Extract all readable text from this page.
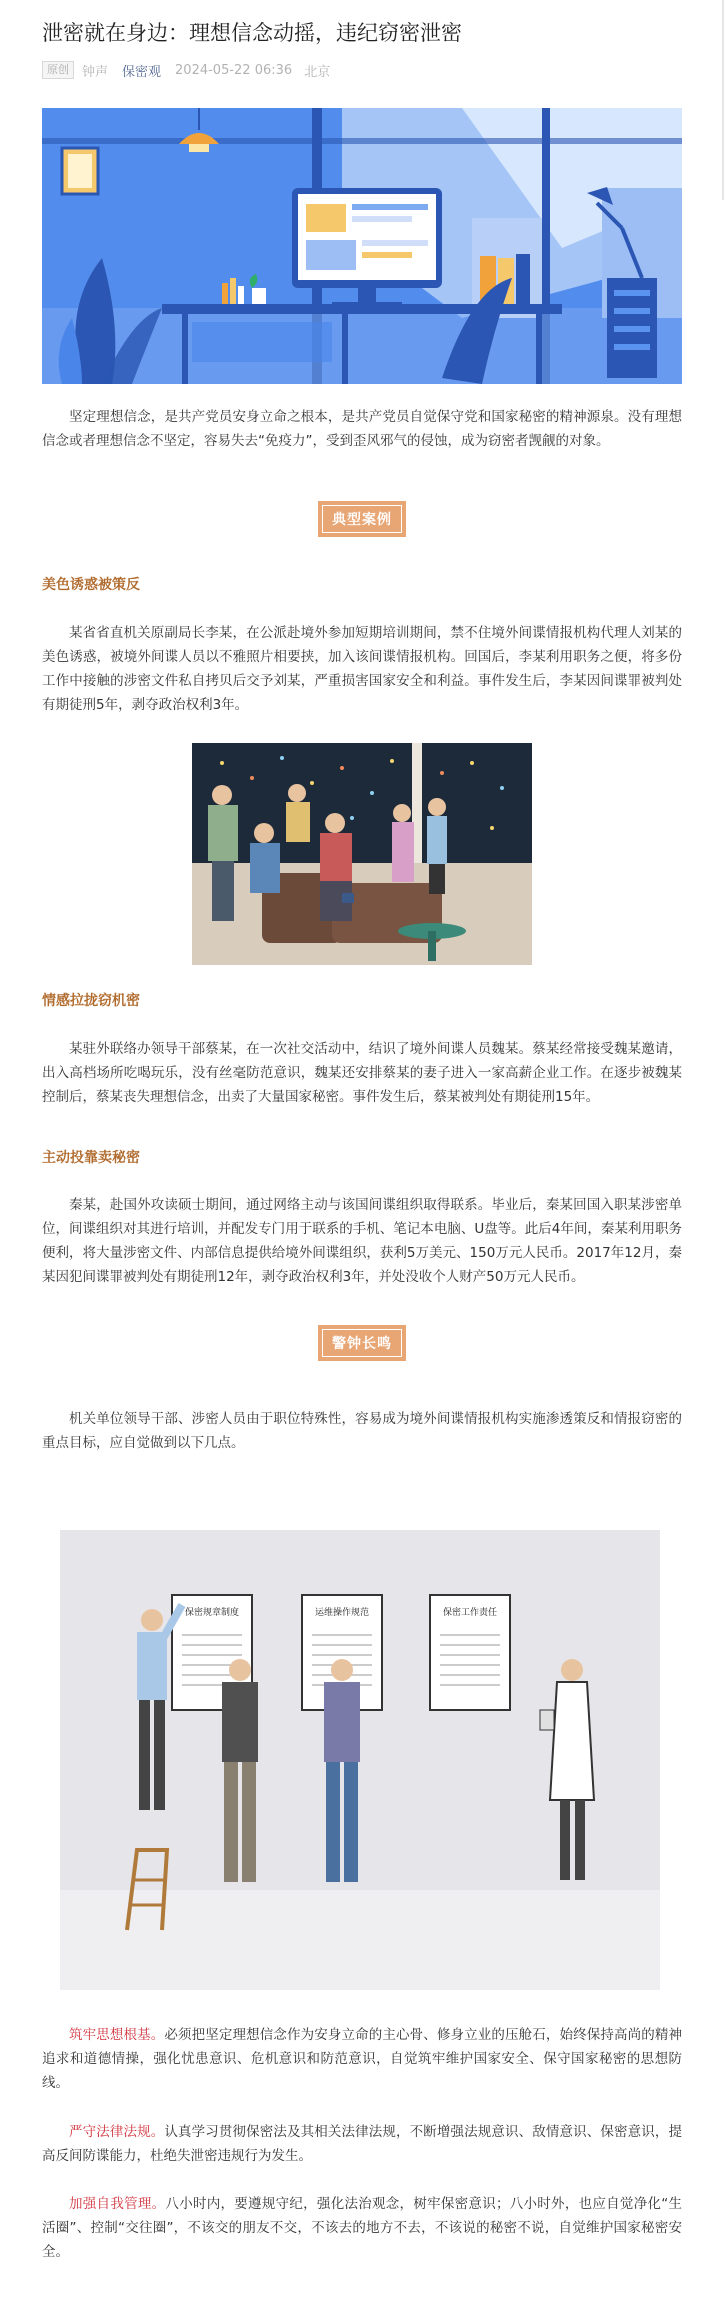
泄密就在身边：理想信念动摇，违纪窃密泄密
原创	钟声 保密观 2024-05-22 06:36 北京

坚定理想信念，是共产党员安身立命之根本，是共产党员自觉保守党和国家秘密的精神源泉。没有理想信念或者理想信念不坚定，容易失去“免疫力”，受到歪风邪气的侵蚀，成为窃密者觊觎的对象。

典型案例
美色诱惑被策反

某省省直机关原副局长李某，在公派赴境外参加短期培训期间，禁不住境外间谍情报机构代理人刘某的美色诱惑，被境外间谍人员以不雅照片相要挟，加入该间谍情报机构。回国后，李某利用职务之便，将多份工作中接触的涉密文件私自拷贝后交予刘某，严重损害国家安全和利益。事件发生后，李某因间谍罪被判处有期徒刑5年，剥夺政治权利3年。

情感拉拢窃机密

某驻外联络办领导干部蔡某，在一次社交活动中，结识了境外间谍人员魏某。蔡某经常接受魏某邀请，出入高档场所吃喝玩乐，没有丝毫防范意识，魏某还安排蔡某的妻子进入一家高薪企业工作。在逐步被魏某控制后，蔡某丧失理想信念，出卖了大量国家秘密。事件发生后，蔡某被判处有期徒刑15年。

主动投靠卖秘密

秦某，赴国外攻读硕士期间，通过网络主动与该国间谍组织取得联系。毕业后，秦某回国入职某涉密单位，间谍组织对其进行培训，并配发专门用于联系的手机、笔记本电脑、U盘等。此后4年间，秦某利用职务便利，将大量涉密文件、内部信息提供给境外间谍组织，获利5万美元、150万元人民币。2017年12月，秦某因犯间谍罪被判处有期徒刑12年，剥夺政治权利3年，并处没收个人财产50万元人民币。

警钟长鸣

机关单位领导干部、涉密人员由于职位特殊性，容易成为境外间谍情报机构实施渗透策反和情报窃密的重点目标，应自觉做到以下几点。

保密规章制度	运维操作规范	保密工作责任

筑牢思想根基。必须把坚定理想信念作为安身立命的主心骨、修身立业的压舱石，始终保持高尚的精神追求和道德情操，强化忧患意识、危机意识和防范意识，自觉筑牢维护国家安全、保守国家秘密的思想防线。

严守法律法规。认真学习贯彻保密法及其相关法律法规，不断增强法规意识、敌情意识、保密意识，提高反间防谍能力，杜绝失泄密违规行为发生。

加强自我管理。八小时内，要遵规守纪，强化法治观念，树牢保密意识；八小时外，也应自觉净化“生活圈”、控制“交往圈”，不该交的朋友不交，不该去的地方不去，不该说的秘密不说，自觉维护国家秘密安全。
